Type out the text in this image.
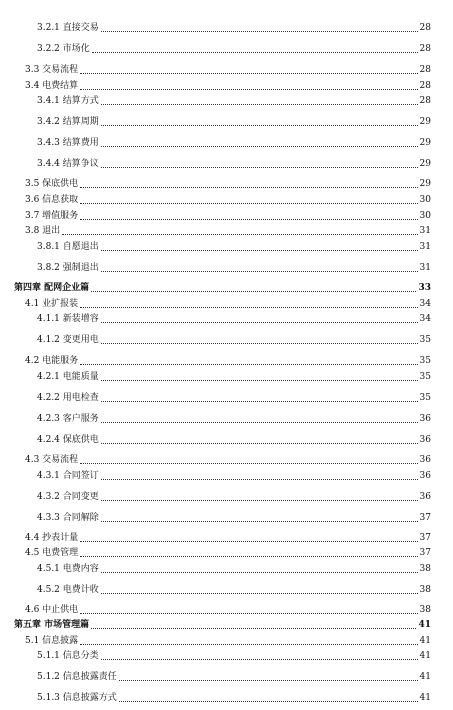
3.2.1 直接交易	28
3.2.2 市场化	28
3.3 交易流程	28
3.4 电费结算	28
3.4.1 结算方式	28
3.4.2 结算周期	29
3.4.3 结算费用	29
3.4.4 结算争议	29
3.5 保底供电	29
3.6 信息获取	30
3.7 增值服务	30
3.8 退出	31
3.8.1 自愿退出	31
3.8.2 强制退出	31
第四章 配网企业篇	33
4.1 业扩报装	34
4.1.1 新装增容	34
4.1.2 变更用电	35
4.2 电能服务	35
4.2.1 电能质量	35
4.2.2 用电检查	35
4.2.3 客户服务	36
4.2.4 保底供电	36
4.3 交易流程	36
4.3.1 合同签订	36
4.3.2 合同变更	36
4.3.3 合同解除	37
4.4 抄表计量	37
4.5 电费管理	37
4.5.1 电费内容	38
4.5.2 电费计收	38
4.6 中止供电	38
第五章 市场管理篇	41
5.1 信息披露	41
5.1.1 信息分类	41
5.1.2 信息披露责任	41
5.1.3 信息披露方式	41
